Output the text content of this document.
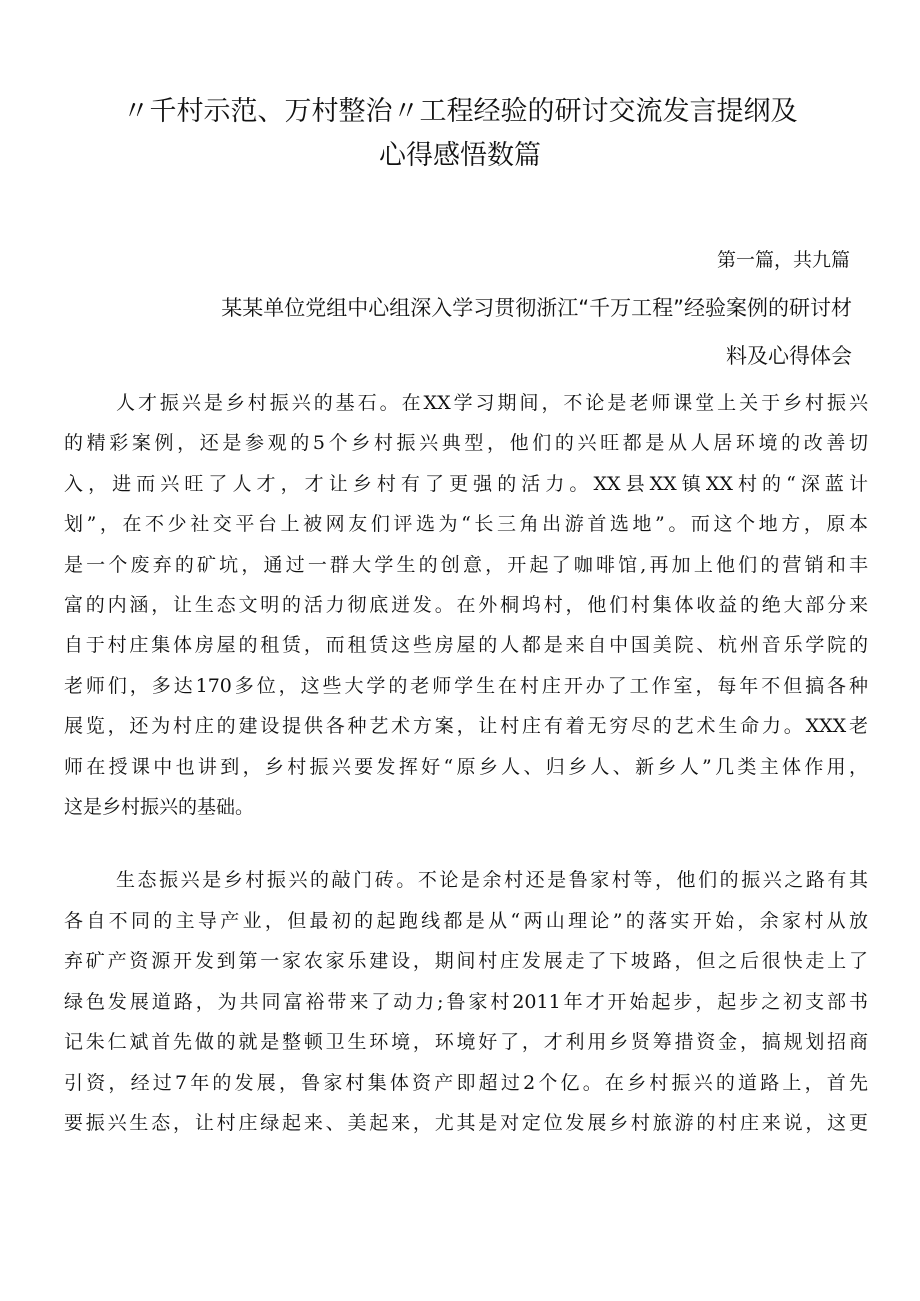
〃千村示范、万村整治〃工程经验的研讨交流发言提纲及
心得感悟数篇
第一篇，共九篇
某某单位党组中心组深入学习贯彻浙江“千万工程”经验案例的研讨材
料及心得体会
人才振兴是乡村振兴的基石。在XX学习期间，不论是老师课堂上关于乡村振兴
的精彩案例，还是参观的5个乡村振兴典型，他们的兴旺都是从人居环境的改善切
入，进而兴旺了人才，才让乡村有了更强的活力。XX县XX镇XX村的“深蓝计
划”，在不少社交平台上被网友们评选为“长三角出游首选地”。而这个地方，原本
是一个废弃的矿坑，通过一群大学生的创意，开起了咖啡馆,再加上他们的营销和丰
富的内涵，让生态文明的活力彻底迸发。在外桐坞村，他们村集体收益的绝大部分来
自于村庄集体房屋的租赁，而租赁这些房屋的人都是来自中国美院、杭州音乐学院的
老师们，多达170多位，这些大学的老师学生在村庄开办了工作室，每年不但搞各种
展览，还为村庄的建设提供各种艺术方案，让村庄有着无穷尽的艺术生命力。XXX老
师在授课中也讲到，乡村振兴要发挥好“原乡人、归乡人、新乡人”几类主体作用，
这是乡村振兴的基础。
生态振兴是乡村振兴的敲门砖。不论是余村还是鲁家村等，他们的振兴之路有其
各自不同的主导产业，但最初的起跑线都是从“两山理论”的落实开始，余家村从放
弃矿产资源开发到第一家农家乐建设，期间村庄发展走了下坡路，但之后很快走上了
绿色发展道路，为共同富裕带来了动力;鲁家村2011年才开始起步，起步之初支部书
记朱仁斌首先做的就是整顿卫生环境，环境好了，才利用乡贤筹措资金，搞规划招商
引资，经过7年的发展，鲁家村集体资产即超过2个亿。在乡村振兴的道路上，首先
要振兴生态，让村庄绿起来、美起来，尤其是对定位发展乡村旅游的村庄来说，这更
